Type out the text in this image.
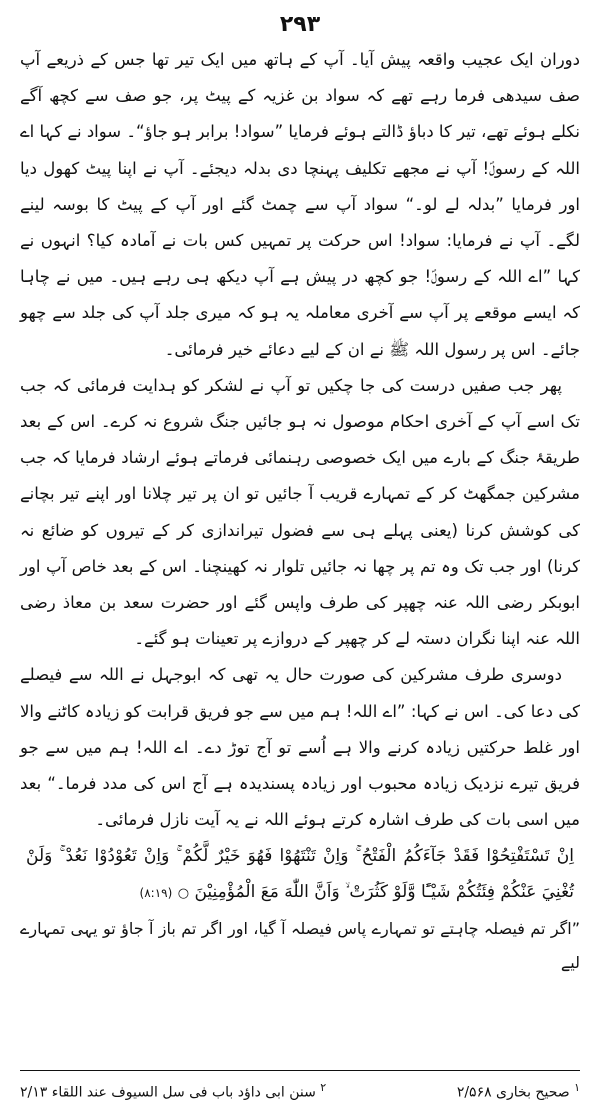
۲۹۳

دوران ایک عجیب واقعہ پیش آیا۔ آپ کے ہاتھ میں ایک تیر تھا جس کے ذریعے آپ صف سیدھی فرما رہے تھے کہ سواد بن غزیہ کے پیٹ پر، جو صف سے کچھ آگے نکلے ہوئے تھے، تیر کا دباؤ ڈالتے ہوئے فرمایا ”سواد! برابر ہو جاؤ“۔ سواد نے کہا اے اللہ کے رسولؐ! آپ نے مجھے تکلیف پہنچا دی بدلہ دیجئے۔ آپ نے اپنا پیٹ کھول دیا اور فرمایا ”بدلہ لے لو۔“ سواد آپ سے چمٹ گئے اور آپ کے پیٹ کا بوسہ لینے لگے۔ آپ نے فرمایا: سواد! اس حرکت پر تمہیں کس بات نے آمادہ کیا؟ انہوں نے کہا ”اے اللہ کے رسولؐ! جو کچھ در پیش ہے آپ دیکھ ہی رہے ہیں۔ میں نے چاہا کہ ایسے موقعے پر آپ سے آخری معاملہ یہ ہو کہ میری جلد آپ کی جلد سے چھو جائے۔ اس پر رسول اللہ ﷺ نے ان کے لیے دعائے خیر فرمائی۔

پھر جب صفیں درست کی جا چکیں تو آپ نے لشکر کو ہدایت فرمائی کہ جب تک اسے آپ کے آخری احکام موصول نہ ہو جائیں جنگ شروع نہ کرے۔ اس کے بعد طریقۂ جنگ کے بارے میں ایک خصوصی رہنمائی فرماتے ہوئے ارشاد فرمایا کہ جب مشرکین جمگھٹ کر کے تمہارے قریب آ جائیں تو ان پر تیر چلانا اور اپنے تیر بچانے کی کوشش کرنا (یعنی پہلے ہی سے فضول تیراندازی کر کے تیروں کو ضائع نہ کرنا) اور جب تک وہ تم پر چھا نہ جائیں تلوار نہ کھینچنا۔ اس کے بعد خاص آپ اور ابوبکر رضی اللہ عنہ چھپر کی طرف واپس گئے اور حضرت سعد بن معاذ رضی اللہ عنہ اپنا نگران دستہ لے کر چھپر کے دروازے پر تعینات ہو گئے۔

دوسری طرف مشرکین کی صورت حال یہ تھی کہ ابوجہل نے اللہ سے فیصلے کی دعا کی۔ اس نے کہا: ”اے اللہ! ہم میں سے جو فریق قرابت کو زیادہ کاٹنے والا اور غلط حرکتیں زیادہ کرنے والا ہے اُسے تو آج توڑ دے۔ اے اللہ! ہم میں سے جو فریق تیرے نزدیک زیادہ محبوب اور زیادہ پسندیدہ ہے آج اس کی مدد فرما۔“ بعد میں اسی بات کی طرف اشارہ کرتے ہوئے اللہ نے یہ آیت نازل فرمائی۔

اِنْ تَسْتَفْتِحُوْا فَقَدْ جَآءَكُمُ الْفَتْحُ ۚ وَاِنْ تَنْتَهُوْا فَهُوَ خَيْرٌ لَّكُمْ ۚ وَاِنْ تَعُوْدُوْا نَعُدْ ۚ وَلَنْ تُغْنِيَ عَنْكُمْ فِئَتُكُمْ شَيْـًٔا وَّلَوْ كَثُرَتْ ۙ وَاَنَّ اللّٰهَ مَعَ الْمُؤْمِنِيْنَ ○ (۸:۱۹)

”اگر تم فیصلہ چاہتے تو تمہارے پاس فیصلہ آ گیا، اور اگر تم باز آ جاؤ تو یہی تمہارے لیے

$^۱$ صحیح بخاری ۲/۵۶۸
$^۲$ سنن ابی داؤد باب فی سل السیوف عند اللقاء ۲/۱۳
